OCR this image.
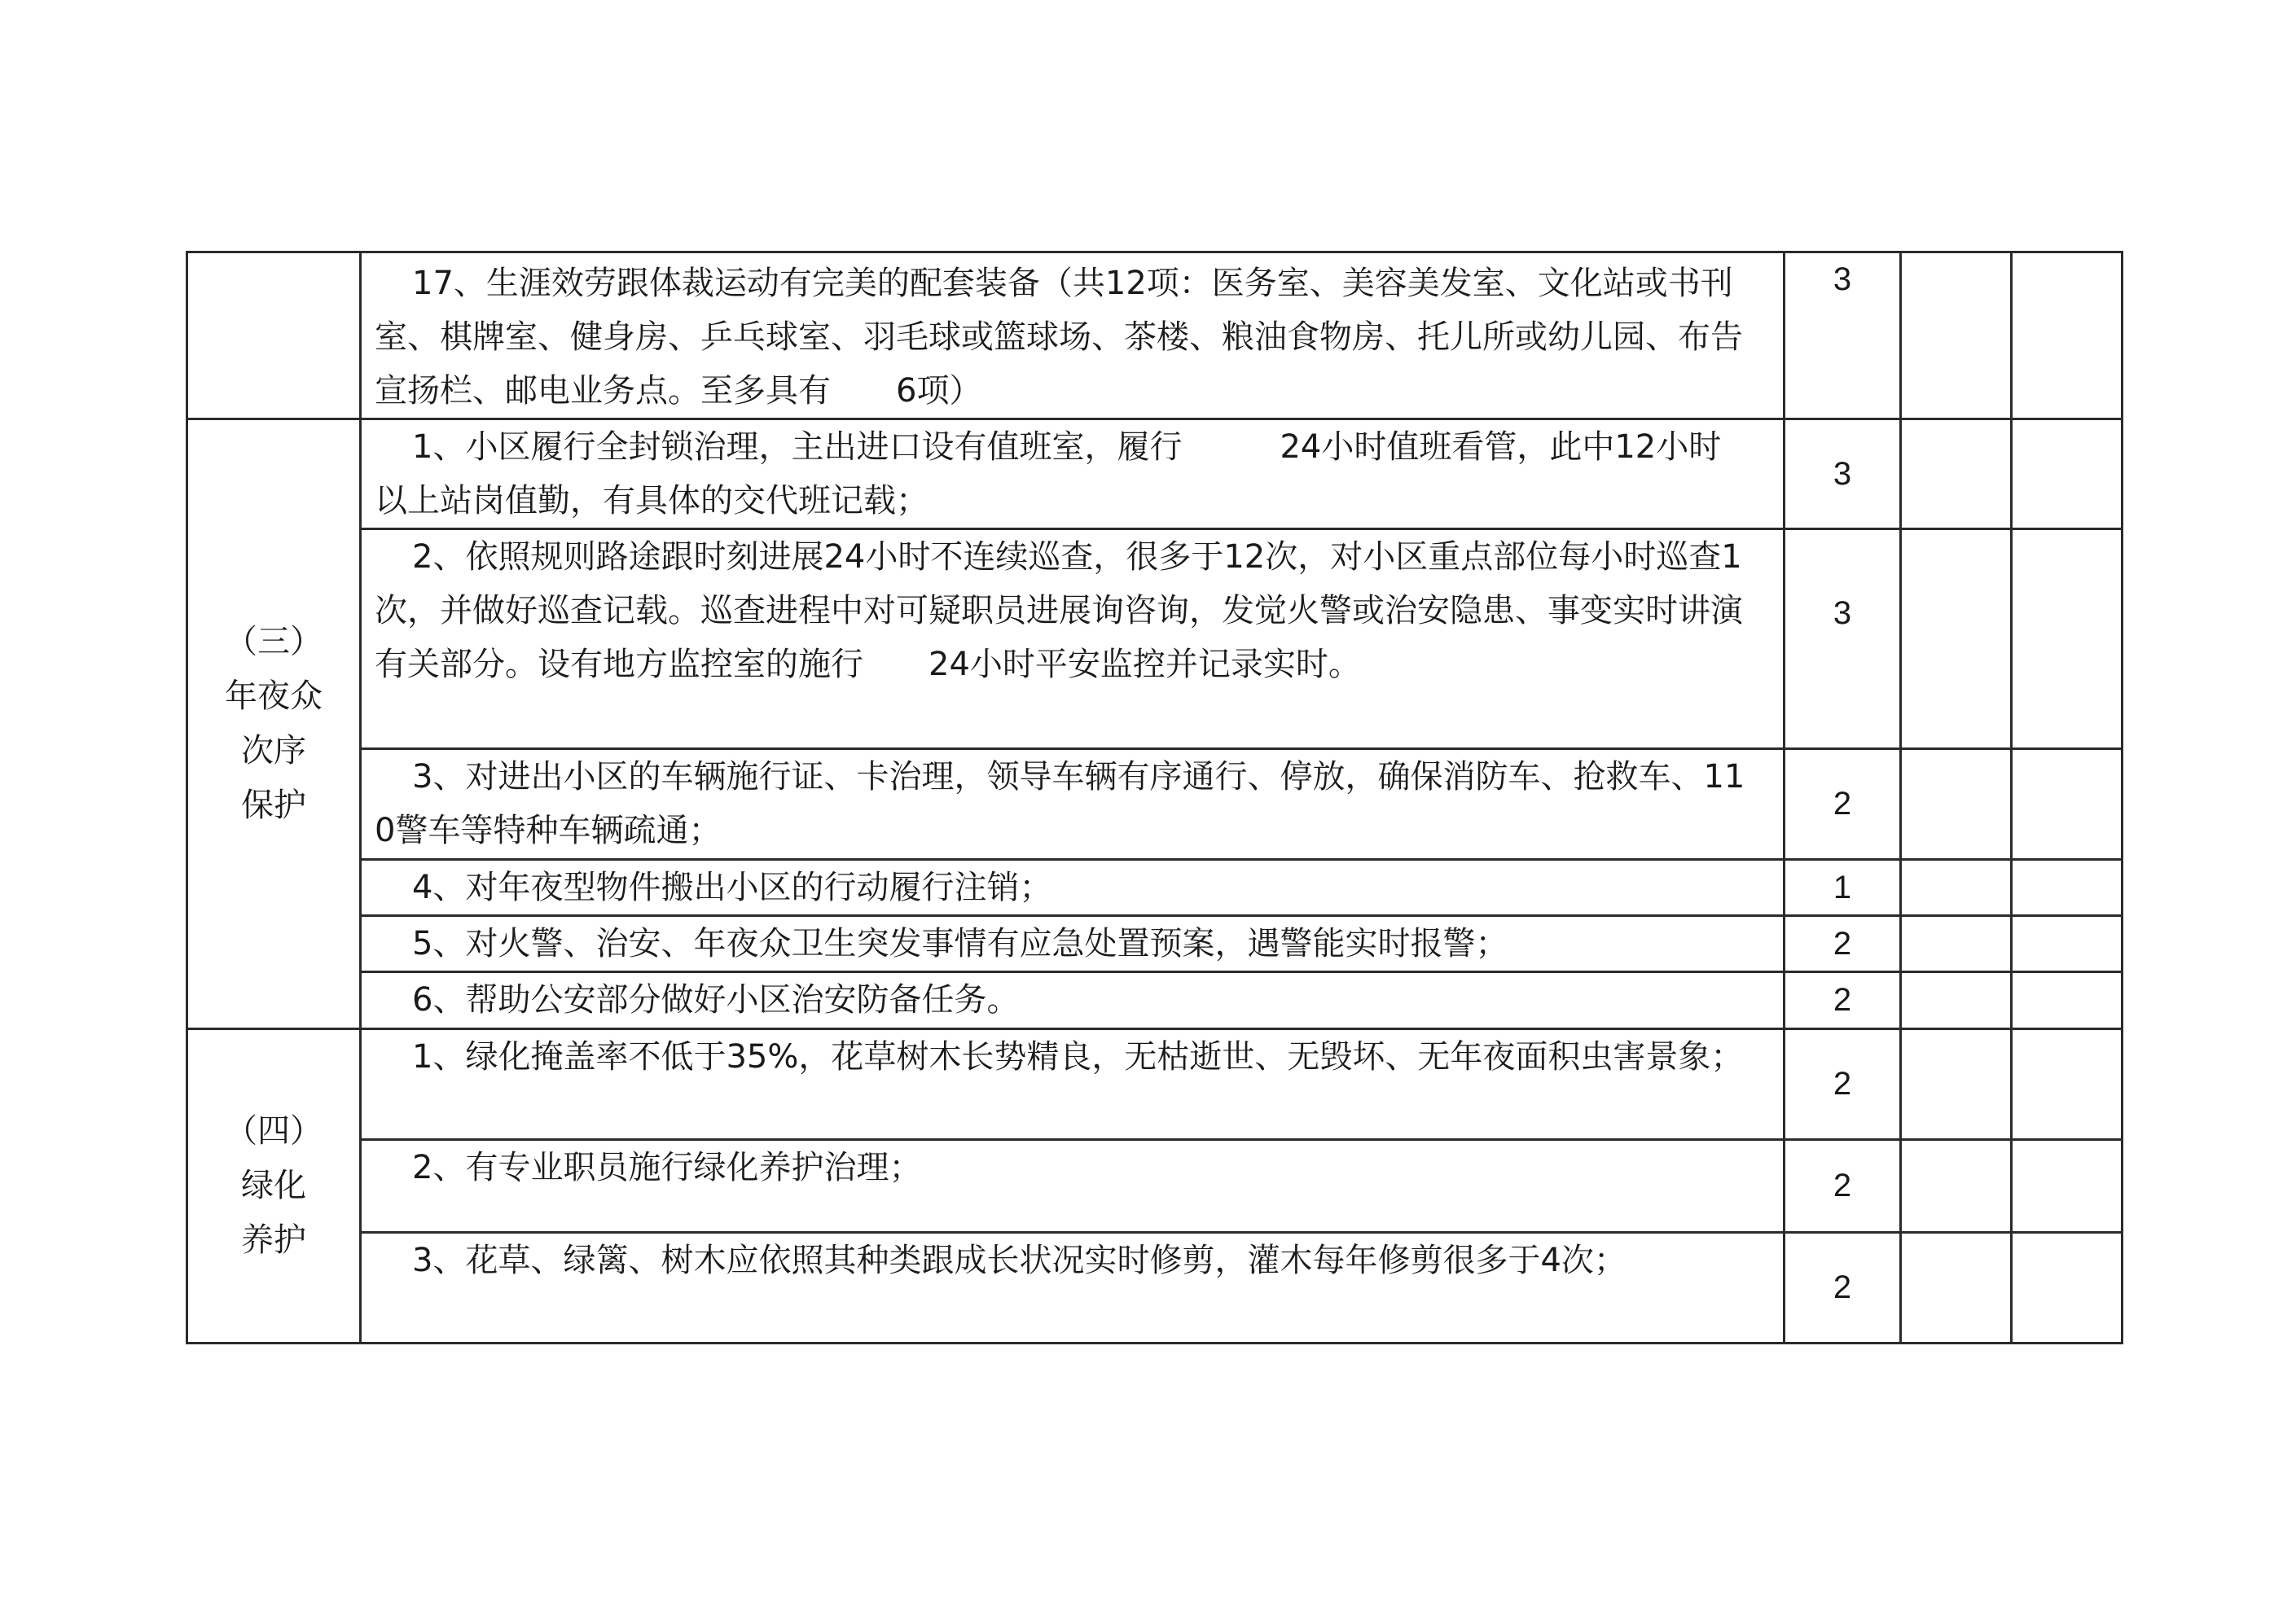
	17、生涯效劳跟体裁运动有完美的配套装备（共12项：医务室、美容美发室、文化站或书刊室、棋牌室、健身房、乒乓球室、羽毛球或篮球场、茶楼、粮油食物房、托儿所或幼儿园、布告宣扬栏、邮电业务点。至多具有　　6项）	3		

（三）
年夜众
次序
保护	1、小区履行全封锁治理，主出进口设有值班室，履行　　　24小时值班看管，此中12小时以上站岗值勤，有具体的交代班记载；	3		

	2、依照规则路途跟时刻进展24小时不连续巡查，很多于12次，对小区重点部位每小时巡查1次，并做好巡查记载。巡查进程中对可疑职员进展询咨询，发觉火警或治安隐患、事变实时讲演有关部分。设有地方监控室的施行　　24小时平安监控并记录实时。	3		

	3、对进出小区的车辆施行证、卡治理，领导车辆有序通行、停放，确保消防车、抢救车、110警车等特种车辆疏通；	2		

	4、对年夜型物件搬出小区的行动履行注销；	1		

	5、对火警、治安、年夜众卫生突发事情有应急处置预案，遇警能实时报警；	2		

	6、帮助公安部分做好小区治安防备任务。	2		

（四）
绿化
养护	1、绿化掩盖率不低于35%，花草树木长势精良，无枯逝世、无毁坏、无年夜面积虫害景象；	2		

	2、有专业职员施行绿化养护治理；	2		

	3、花草、绿篱、树木应依照其种类跟成长状况实时修剪，灌木每年修剪很多于4次；	2		
